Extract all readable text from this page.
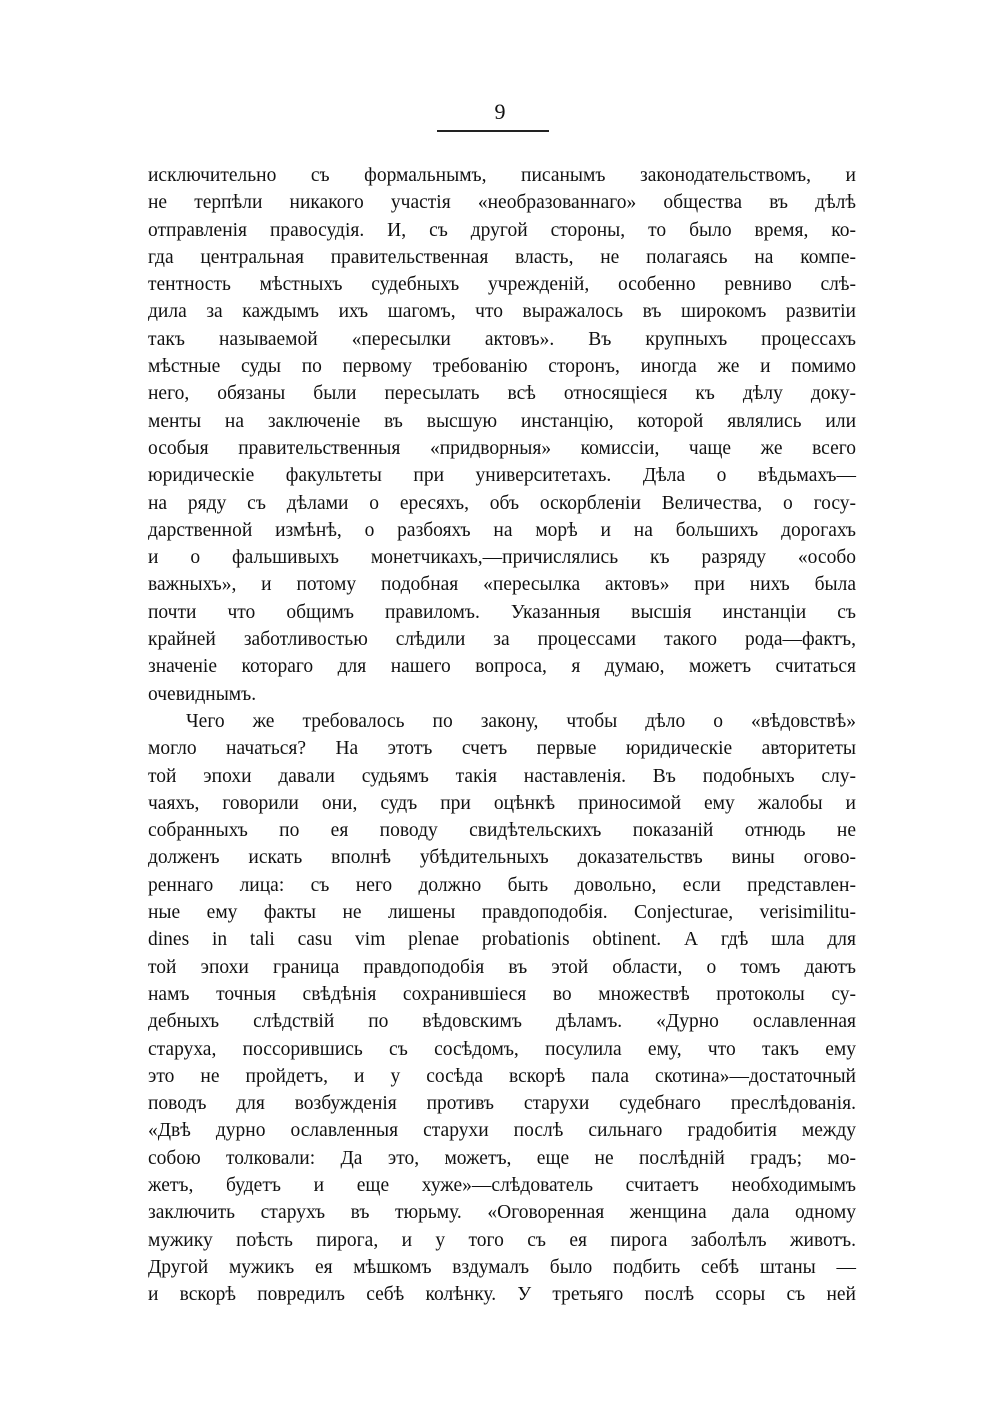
9
исключительно съ формальнымъ, писанымъ законодательствомъ, и
не терпѣли никакого участія «необразованнаго» общества въ дѣлѣ
отправленія правосудія. И, съ другой стороны, то было время, ко-
гда центральная правительственная власть, не полагаясь на компе-
тентность мѣстныхъ судебныхъ учрежденій, особенно ревниво слѣ-
дила за каждымъ ихъ шагомъ, что выражалось въ широкомъ развитіи
такъ называемой «пересылки актовъ». Въ крупныхъ процессахъ
мѣстные суды по первому требованію сторонъ, иногда же и помимо
него, обязаны были пересылать всѣ относящіеся къ дѣлу доку-
менты на заключеніе въ высшую инстанцію, которой являлись или
особыя правительственныя «придворныя» комиссіи, чаще же всего
юридическіе факультеты при университетахъ. Дѣла о вѣдьмахъ—
на ряду съ дѣлами о ересяхъ, объ оскорбленіи Величества, о госу-
дарственной измѣнѣ, о разбояхъ на морѣ и на большихъ дорогахъ
и о фальшивыхъ монетчикахъ,—причислялись къ разряду «особо
важныхъ», и потому подобная «пересылка актовъ» при нихъ была
почти что общимъ правиломъ. Указанныя высшія инстанціи съ
крайней заботливостью слѣдили за процессами такого рода—фактъ,
значеніе котораго для нашего вопроса, я думаю, можетъ считаться
очевиднымъ.
Чего же требовалось по закону, чтобы дѣло о «вѣдовствѣ»
могло начаться? На этотъ счетъ первые юридическіе авторитеты
той эпохи давали судьямъ такія наставленія. Въ подобныхъ слу-
чаяхъ, говорили они, судъ при оцѣнкѣ приносимой ему жалобы и
собранныхъ по ея поводу свидѣтельскихъ показаній отнюдь не
долженъ искать вполнѣ убѣдительныхъ доказательствъ вины огово-
реннаго лица: съ него должно быть довольно, если представлен-
ные ему факты не лишены правдоподобія. Conjecturae, verisimilitu-
dines in tali casu vim plenae probationis obtinent. А гдѣ шла для
той эпохи граница правдоподобія въ этой области, о томъ даютъ
намъ точныя свѣдѣнія сохранившіеся во множествѣ протоколы су-
дебныхъ слѣдствій по вѣдовскимъ дѣламъ. «Дурно ославленная
старуха, поссорившись съ сосѣдомъ, посулила ему, что такъ ему
это не пройдетъ, и у сосѣда вскорѣ пала скотина»—достаточный
поводъ для возбужденія противъ старухи судебнаго преслѣдованія.
«Двѣ дурно ославленныя старухи послѣ сильнаго градобитія между
собою толковали: Да это, можетъ, еще не послѣдній градъ; мо-
жетъ, будетъ и еще хуже»—слѣдователь считаетъ необходимымъ
заключить старухъ въ тюрьму. «Оговоренная женщина дала одному
мужику поѣсть пирога, и у того съ ея пирога заболѣлъ животъ.
Другой мужикъ ея мѣшкомъ вздумалъ было подбить себѣ штаны —
и вскорѣ повредилъ себѣ колѣнку. У третьяго послѣ ссоры съ ней
